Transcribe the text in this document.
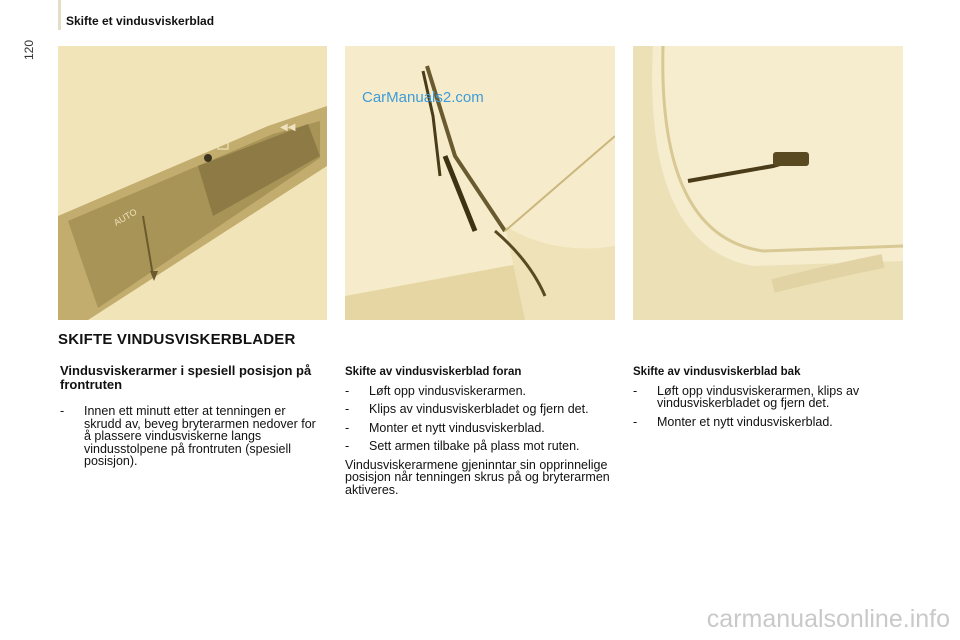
120
Skifte et vindusviskerblad
AUTO
◀◀
CarManuals2.com
SKIFTE VINDUSVISKERBLADER
Vindusviskerarmer i spesiell posisjon på frontruten
- Innen ett minutt etter at tenningen er skrudd av, beveg bryterarmen nedover for å plassere vindusviskerne langs vindusstolpene på frontruten (spesiell posisjon).
Skifte av vindusviskerblad foran
- Løft opp vindusviskerarmen.
- Klips av vindusviskerbladet og fjern det.
- Monter et nytt vindusviskerblad.
- Sett armen tilbake på plass mot ruten.
Vindusviskerarmene gjeninntar sin opprinnelige posisjon når tenningen skrus på og bryterarmen aktiveres.
Skifte av vindusviskerblad bak
- Løft opp vindusviskerarmen, klips av vindusviskerbladet og fjern det.
- Monter et nytt vindusviskerblad.
carmanualsonline.info
